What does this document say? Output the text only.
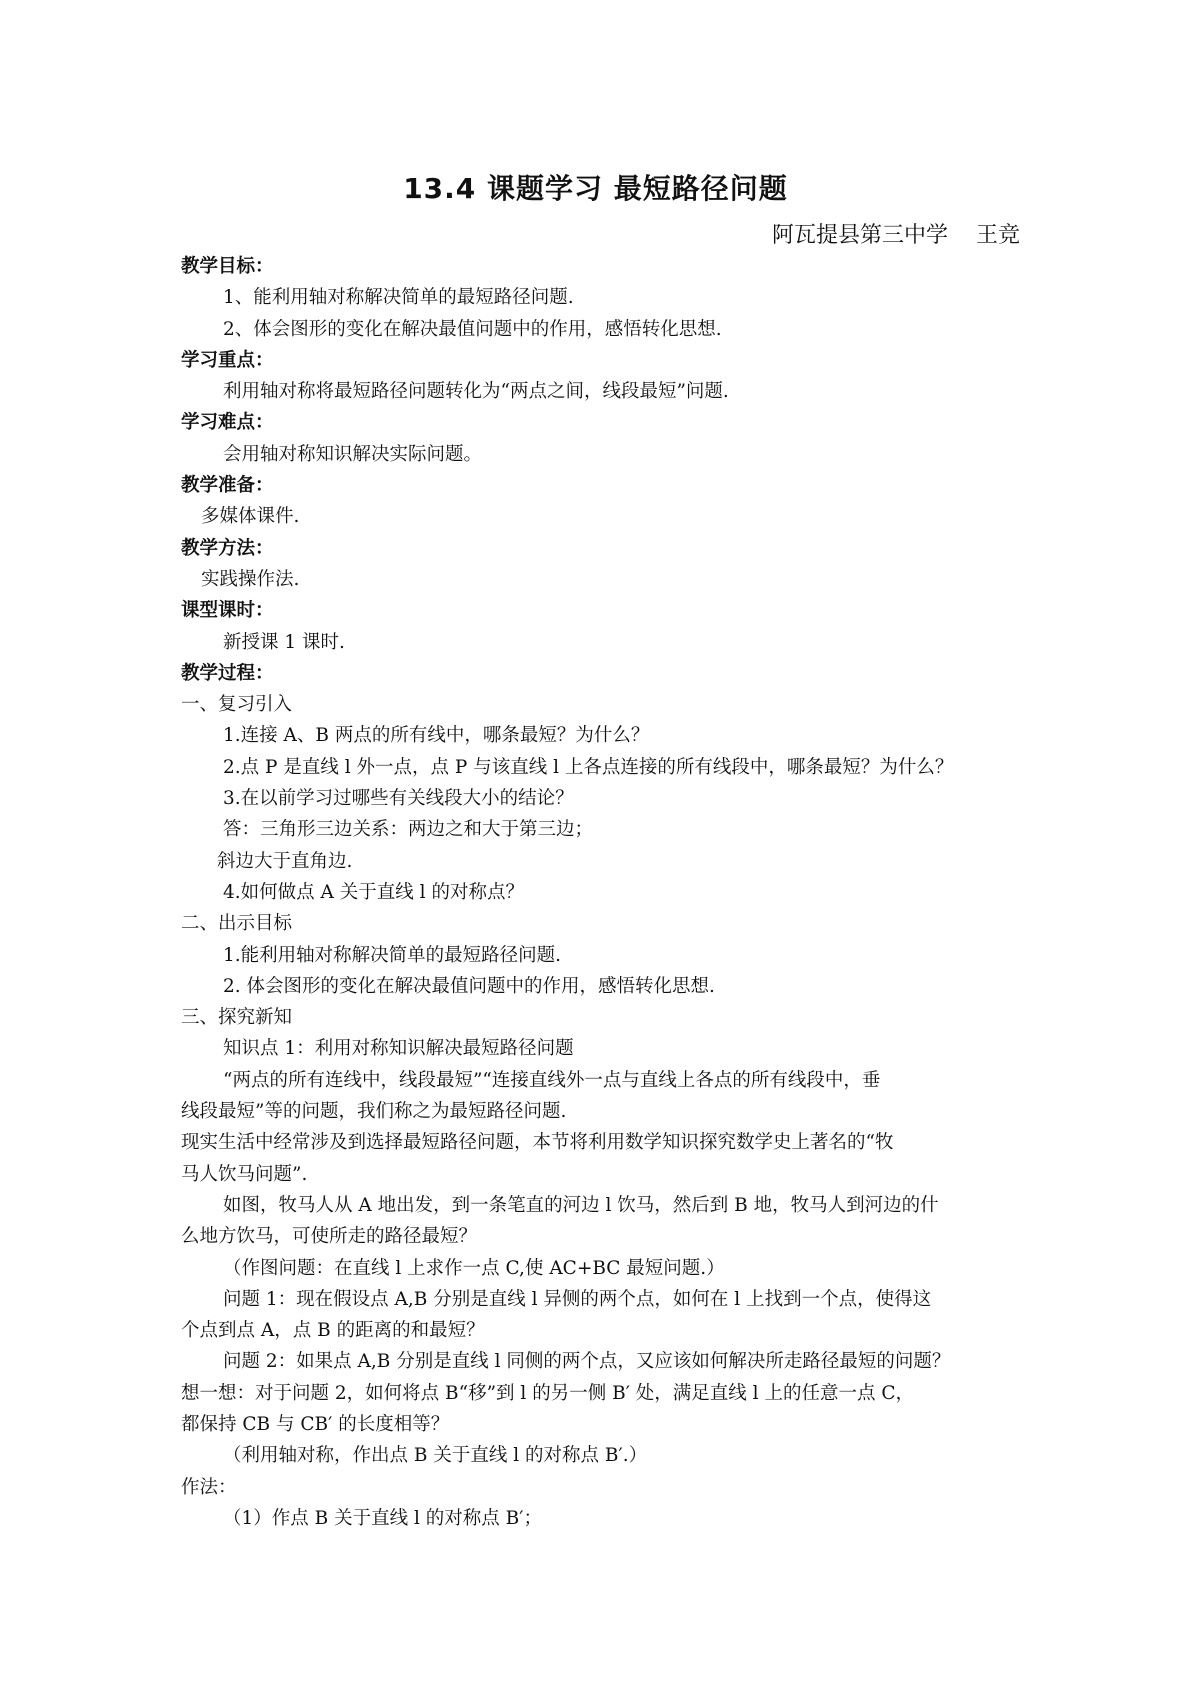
13.4 课题学习 最短路径问题
阿瓦提县第三中学    王竞
教学目标：
1、能利用轴对称解决简单的最短路径问题.
2、体会图形的变化在解决最值问题中的作用，感悟转化思想.
学习重点：
利用轴对称将最短路径问题转化为“两点之间，线段最短”问题.
学习难点：
会用轴对称知识解决实际问题。
教学准备：
多媒体课件.
教学方法：
实践操作法.
课型课时：
新授课 1 课时.
教学过程：
一、复习引入
1.连接 A、B 两点的所有线中，哪条最短？为什么？
2.点 P 是直线 l 外一点，点 P 与该直线 l 上各点连接的所有线段中，哪条最短？为什么？
3.在以前学习过哪些有关线段大小的结论？
答：三角形三边关系：两边之和大于第三边；
斜边大于直角边.
4.如何做点 A 关于直线 l 的对称点？
二、出示目标
1.能利用轴对称解决简单的最短路径问题.
2. 体会图形的变化在解决最值问题中的作用，感悟转化思想.
三、探究新知
知识点 1：利用对称知识解决最短路径问题
“两点的所有连线中，线段最短”“连接直线外一点与直线上各点的所有线段中，垂
线段最短”等的问题，我们称之为最短路径问题.
现实生活中经常涉及到选择最短路径问题，本节将利用数学知识探究数学史上著名的“牧
马人饮马问题”.
如图，牧马人从 A 地出发，到一条笔直的河边 l 饮马，然后到 B 地，牧马人到河边的什
么地方饮马，可使所走的路径最短？
（作图问题：在直线 l 上求作一点 C,使 AC+BC 最短问题.）
问题 1：现在假设点 A,B 分别是直线 l 异侧的两个点，如何在 l 上找到一个点，使得这
个点到点 A，点 B 的距离的和最短？
问题 2：如果点 A,B 分别是直线 l 同侧的两个点，又应该如何解决所走路径最短的问题？
想一想：对于问题 2，如何将点 B“移”到 l 的另一侧 B′ 处，满足直线 l 上的任意一点 C，
都保持 CB 与 CB′ 的长度相等？
（利用轴对称，作出点 B 关于直线 l 的对称点 B′.）
作法：
（1）作点 B 关于直线 l 的对称点 B′；
